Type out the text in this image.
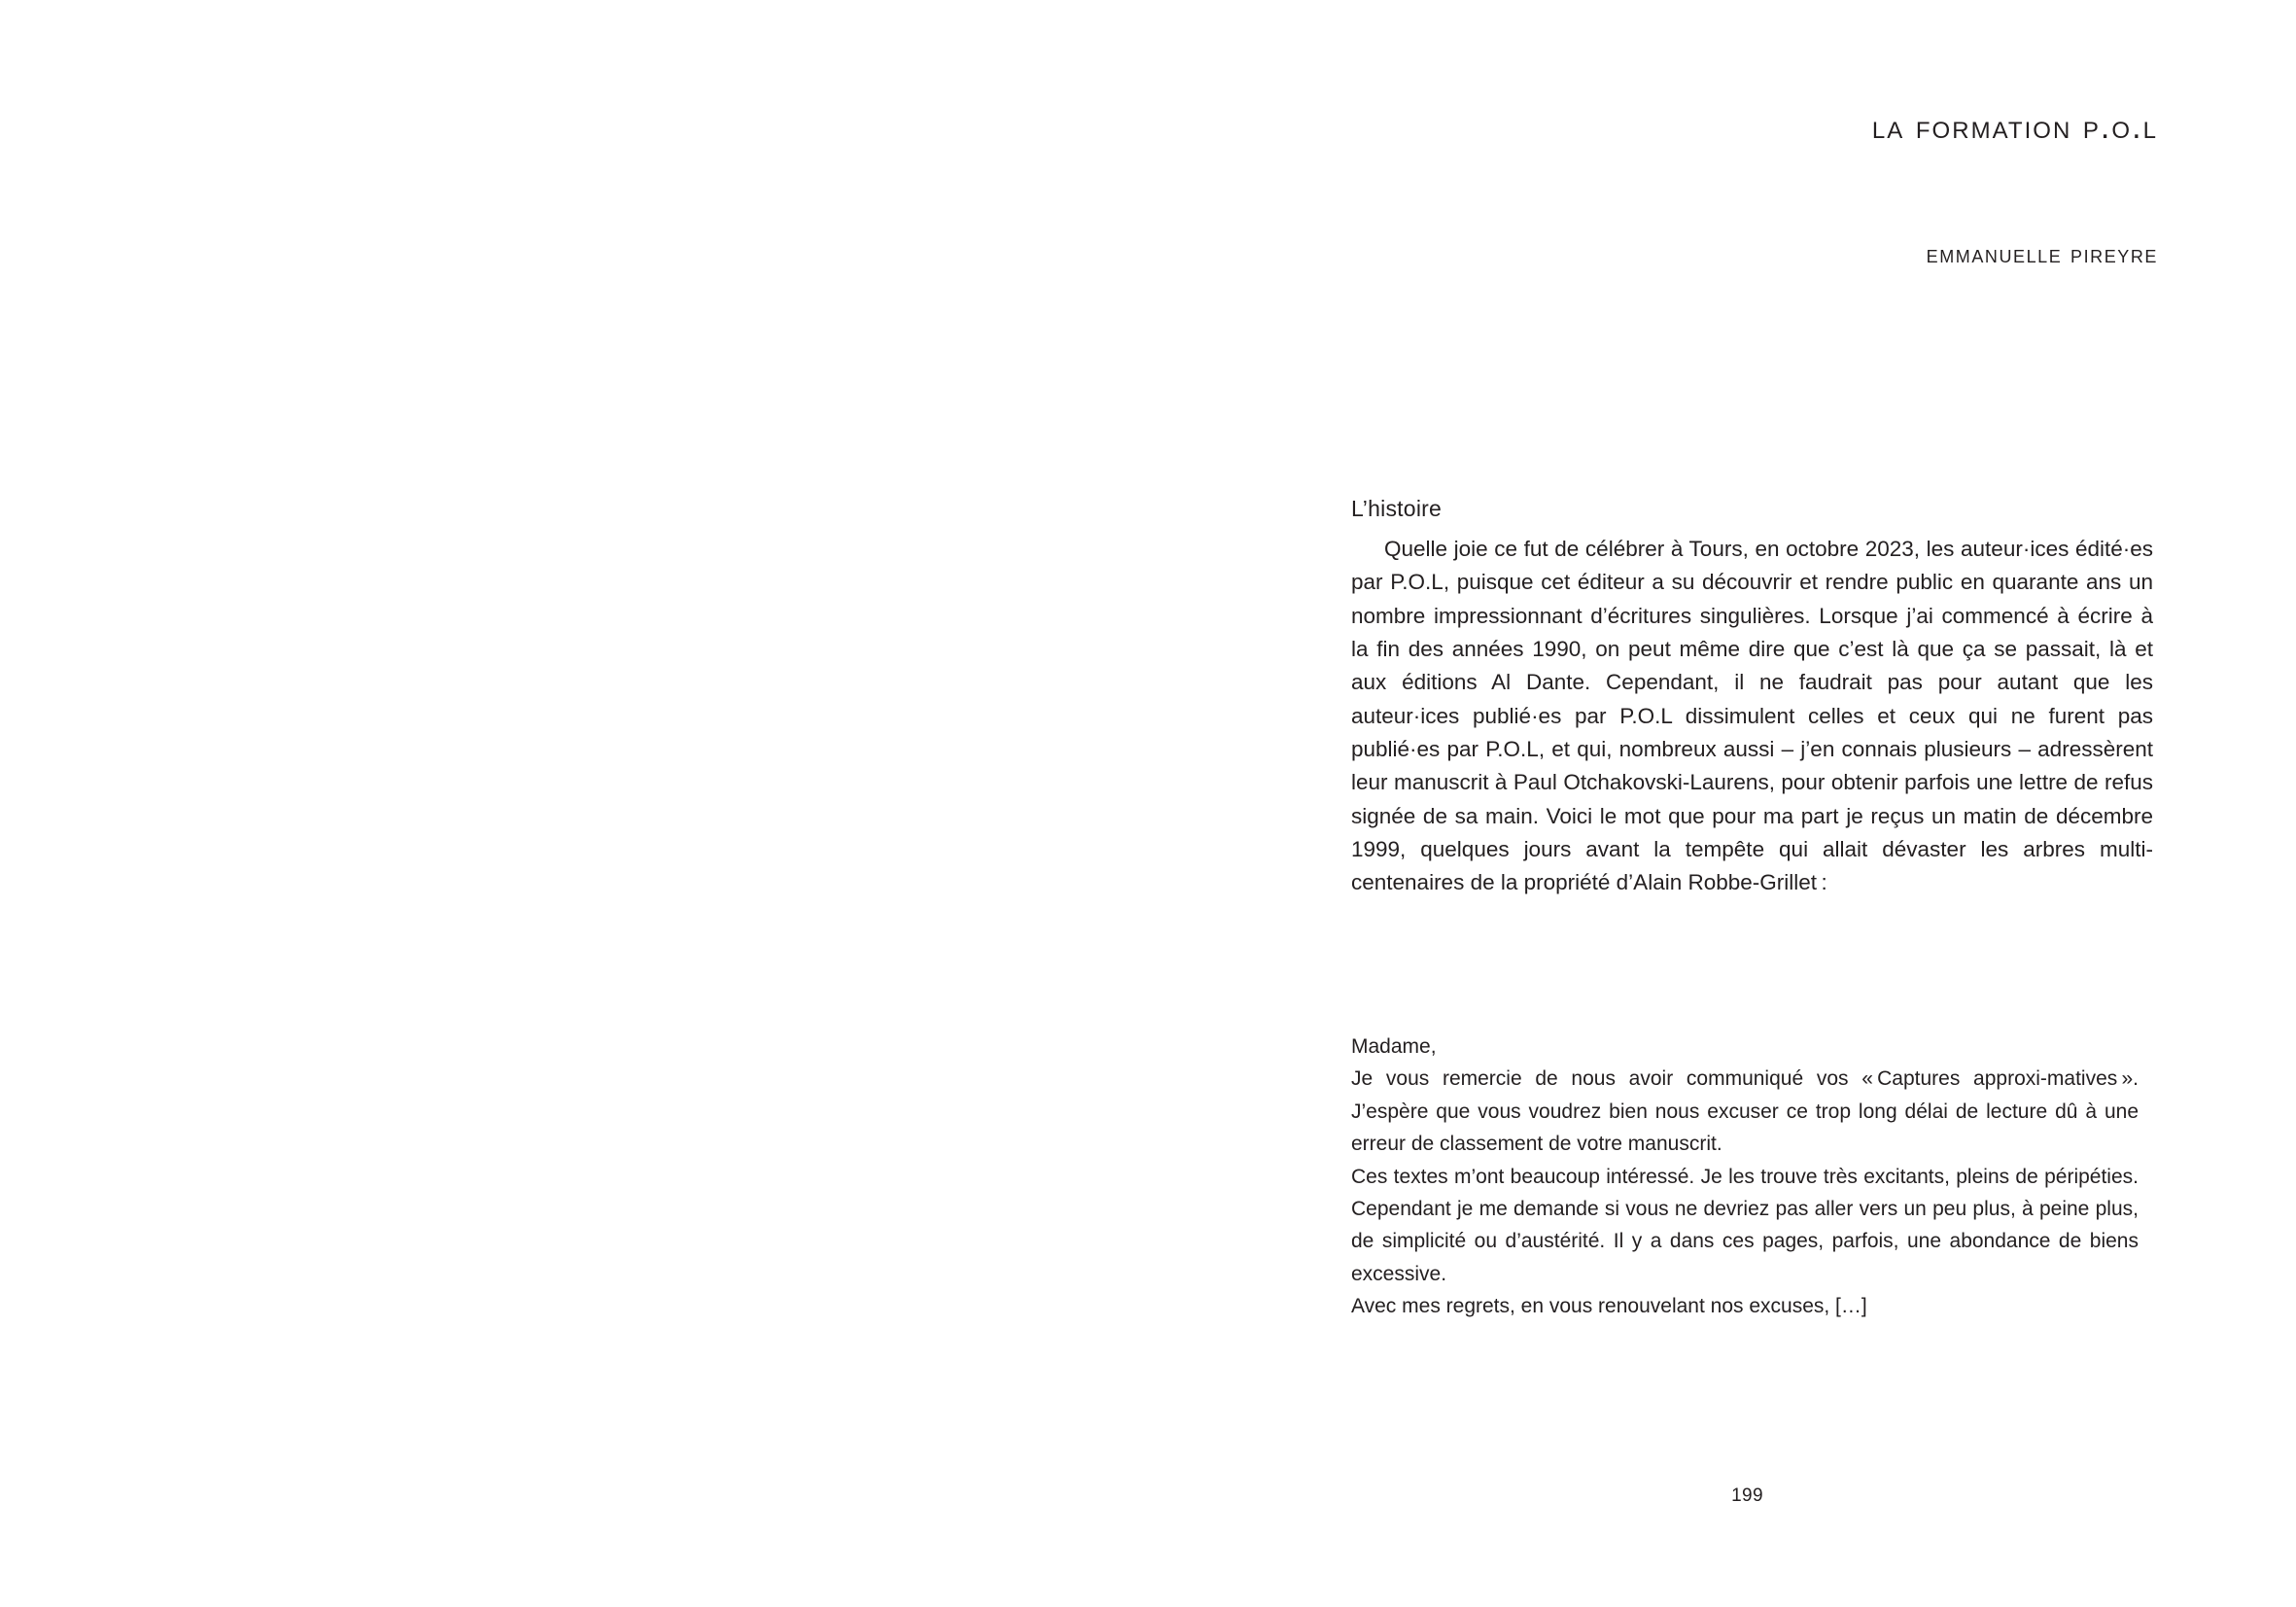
la formation p.o.l
emmanuelle pireyre
L’histoire
Quelle joie ce fut de célébrer à Tours, en octobre 2023, les auteur·ices édité·es par P.O.L, puisque cet éditeur a su découvrir et rendre public en quarante ans un nombre impressionnant d’écritures singulières. Lorsque j’ai commencé à écrire à la fin des années 1990, on peut même dire que c’est là que ça se passait, là et aux éditions Al Dante. Cependant, il ne faudrait pas pour autant que les auteur·ices publié·es par P.O.L dissimulent celles et ceux qui ne furent pas publié·es par P.O.L, et qui, nombreux aussi – j’en connais plusieurs – adressèrent leur manuscrit à Paul Otchakovski-Laurens, pour obtenir parfois une lettre de refus signée de sa main. Voici le mot que pour ma part je reçus un matin de décembre 1999, quelques jours avant la tempête qui allait dévaster les arbres multi-centenaires de la propriété d’Alain Robbe-Grillet :

Madame,

Je vous remercie de nous avoir communiqué vos « Captures approxi-matives ». J’espère que vous voudrez bien nous excuser ce trop long délai de lecture dû à une erreur de classement de votre manuscrit.

Ces textes m’ont beaucoup intéressé. Je les trouve très excitants, pleins de péripéties. Cependant je me demande si vous ne devriez pas aller vers un peu plus, à peine plus, de simplicité ou d’austérité. Il y a dans ces pages, parfois, une abondance de biens excessive.

Avec mes regrets, en vous renouvelant nos excuses, […]

199
